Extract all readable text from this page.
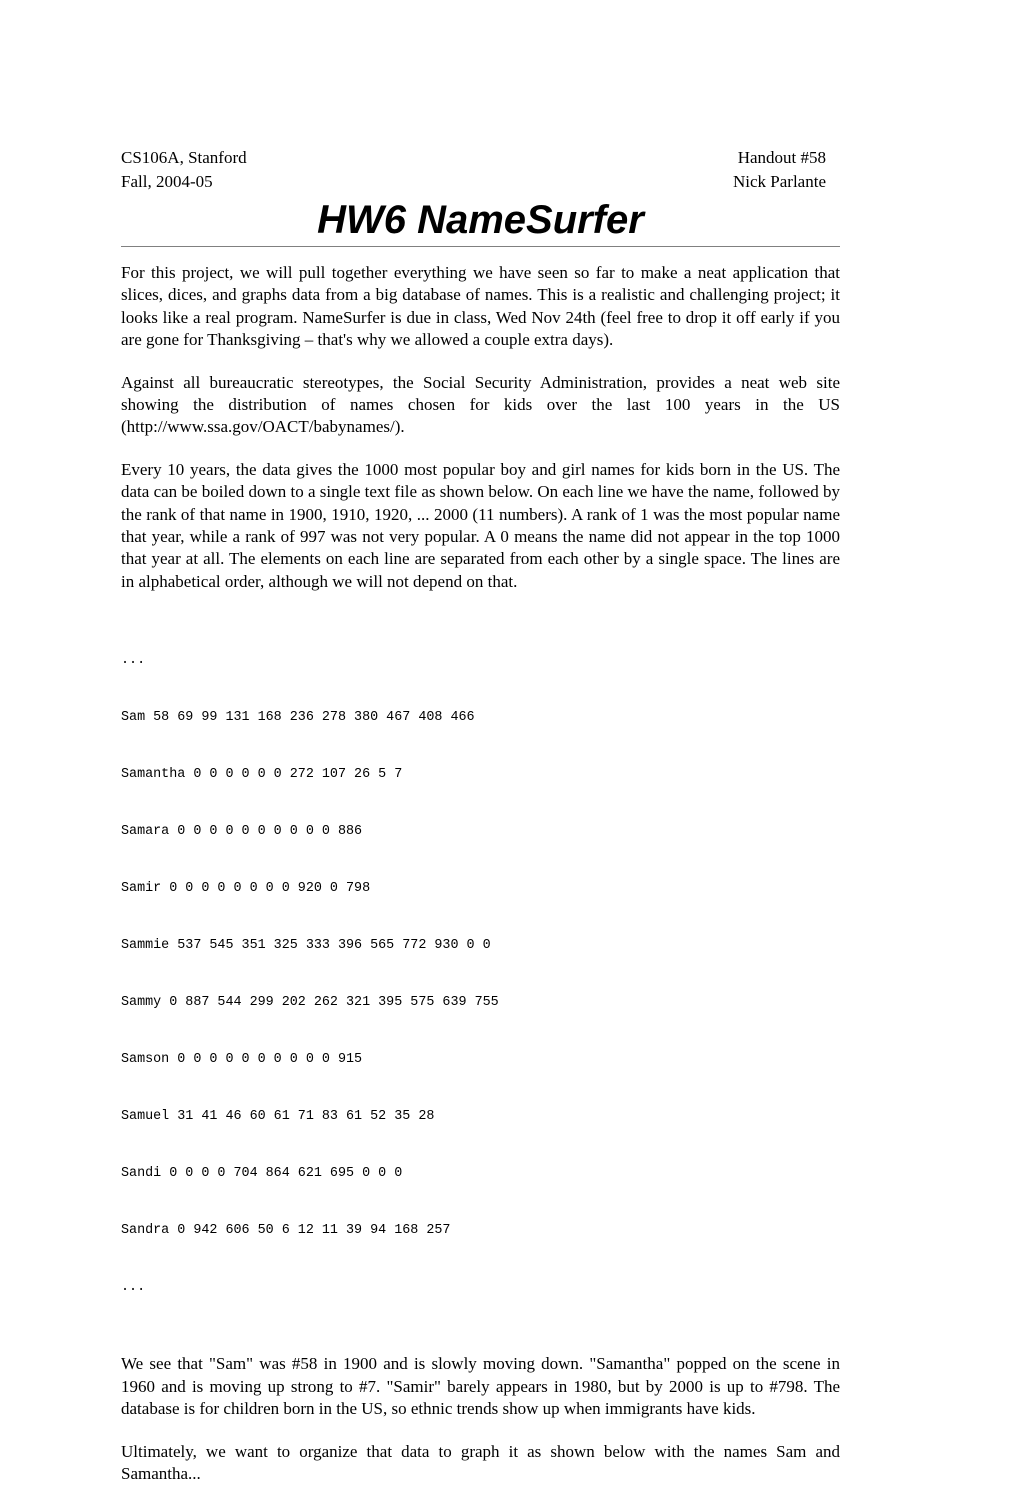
CS106A, Stanford	Handout #58
Fall, 2004-05	Nick Parlante
HW6 NameSurfer

For this project, we will pull together everything we have seen so far to make a neat application that slices, dices, and graphs data from a big database of names. This is a realistic and challenging project; it looks like a real program. NameSurfer is due in class, Wed Nov 24th (feel free to drop it off early if you are gone for Thanksgiving – that's why we allowed a couple extra days).

Against all bureaucratic stereotypes, the Social Security Administration, provides a neat web site showing the distribution of names chosen for kids over the last 100 years in the US (http://www.ssa.gov/OACT/babynames/).

Every 10 years, the data gives the 1000 most popular boy and girl names for kids born in the US. The data can be boiled down to a single text file as shown below. On each line we have the name, followed by the rank of that name in 1900, 1910, 1920, ... 2000 (11 numbers). A rank of 1 was the most popular name that year, while a rank of 997 was not very popular. A 0 means the name did not appear in the top 1000 that year at all. The elements on each line are separated from each other by a single space. The lines are in alphabetical order, although we will not depend on that.

...

Sam 58 69 99 131 168 236 278 380 467 408 466

Samantha 0 0 0 0 0 0 272 107 26 5 7

Samara 0 0 0 0 0 0 0 0 0 0 886

Samir 0 0 0 0 0 0 0 0 920 0 798

Sammie 537 545 351 325 333 396 565 772 930 0 0

Sammy 0 887 544 299 202 262 321 395 575 639 755

Samson 0 0 0 0 0 0 0 0 0 0 915

Samuel 31 41 46 60 61 71 83 61 52 35 28

Sandi 0 0 0 0 704 864 621 695 0 0 0

Sandra 0 942 606 50 6 12 11 39 94 168 257

...

We see that "Sam" was #58 in 1900 and is slowly moving down. "Samantha" popped on the scene in 1960 and is moving up strong to #7. "Samir" barely appears in 1980, but by 2000 is up to #798. The database is for children born in the US, so ethnic trends show up when immigrants have kids.

Ultimately, we want to organize that data to graph it as shown below with the names Sam and Samantha...
